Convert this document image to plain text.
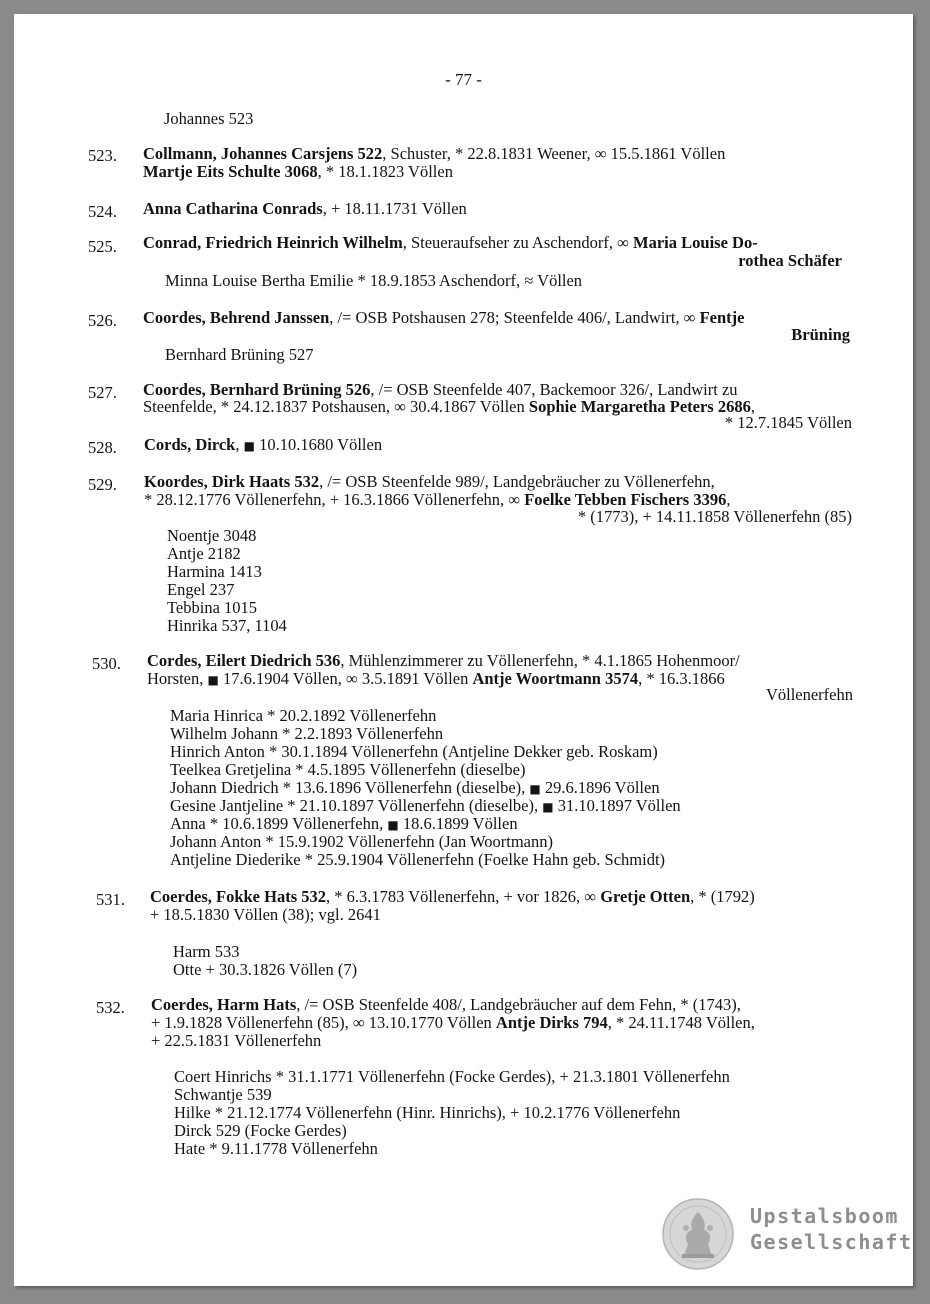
- 77 -
Johannes 523
523. Collmann, Johannes Carsjens 522, Schuster, * 22.8.1831 Weener, ∞ 15.5.1861 Völlen
Martje Eits Schulte 3068, * 18.1.1823 Völlen
524. Anna Catharina Conrads, + 18.11.1731 Völlen
525. Conrad, Friedrich Heinrich Wilhelm, Steueraufseher zu Aschendorf, ∞ Maria Louise Do-
rothea Schäfer
Minna Louise Bertha Emilie * 18.9.1853 Aschendorf, ≈ Völlen
526. Coordes, Behrend Janssen, /= OSB Potshausen 278; Steenfelde 406/, Landwirt, ∞ Fentje
Brüning
Bernhard Brüning 527
527. Coordes, Bernhard Brüning 526, /= OSB Steenfelde 407, Backemoor 326/, Landwirt zu
Steenfelde, * 24.12.1837 Potshausen, ∞ 30.4.1867 Völlen Sophie Margaretha Peters 2686,
* 12.7.1845 Völlen
528. Cords, Dirck, ■ 10.10.1680 Völlen
529. Koordes, Dirk Haats 532, /= OSB Steenfelde 989/, Landgebräucher zu Völlenerfehn,
* 28.12.1776 Völlenerfehn, + 16.3.1866 Völlenerfehn, ∞ Foelke Tebben Fischers 3396,
* (1773), + 14.11.1858 Völlenerfehn (85)
Noentje 3048
Antje 2182
Harmina 1413
Engel 237
Tebbina 1015
Hinrika 537, 1104
530. Cordes, Eilert Diedrich 536, Mühlenzimmerer zu Völlenerfehn, * 4.1.1865 Hohenmoor/
Horsten, ■ 17.6.1904 Völlen, ∞ 3.5.1891 Völlen Antje Woortmann 3574, * 16.3.1866
Völlenerfehn
Maria Hinrica * 20.2.1892 Völlenerfehn
Wilhelm Johann * 2.2.1893 Völlenerfehn
Hinrich Anton * 30.1.1894 Völlenerfehn (Antjeline Dekker geb. Roskam)
Teelkea Gretjelina * 4.5.1895 Völlenerfehn (dieselbe)
Johann Diedrich * 13.6.1896 Völlenerfehn (dieselbe), ■ 29.6.1896 Völlen
Gesine Jantjeline * 21.10.1897 Völlenerfehn (dieselbe), ■ 31.10.1897 Völlen
Anna * 10.6.1899 Völlenerfehn, ■ 18.6.1899 Völlen
Johann Anton * 15.9.1902 Völlenerfehn (Jan Woortmann)
Antjeline Diederike * 25.9.1904 Völlenerfehn (Foelke Hahn geb. Schmidt)
531. Coerdes, Fokke Hats 532, * 6.3.1783 Völlenerfehn, + vor 1826, ∞ Gretje Otten, * (1792)
+ 18.5.1830 Völlen (38); vgl. 2641
Harm 533
Otte + 30.3.1826 Völlen (7)
532. Coerdes, Harm Hats, /= OSB Steenfelde 408/, Landgebräucher auf dem Fehn, * (1743),
+ 1.9.1828 Völlenerfehn (85), ∞ 13.10.1770 Völlen Antje Dirks 794, * 24.11.1748 Völlen,
+ 22.5.1831 Völlenerfehn
Coert Hinrichs * 31.1.1771 Völlenerfehn (Focke Gerdes), + 21.3.1801 Völlenerfehn
Schwantje 539
Hilke * 21.12.1774 Völlenerfehn (Hinr. Hinrichs), + 10.2.1776 Völlenerfehn
Dirck 529 (Focke Gerdes)
Hate * 9.11.1778 Völlenerfehn
Upstalsboom
Gesellschaft
